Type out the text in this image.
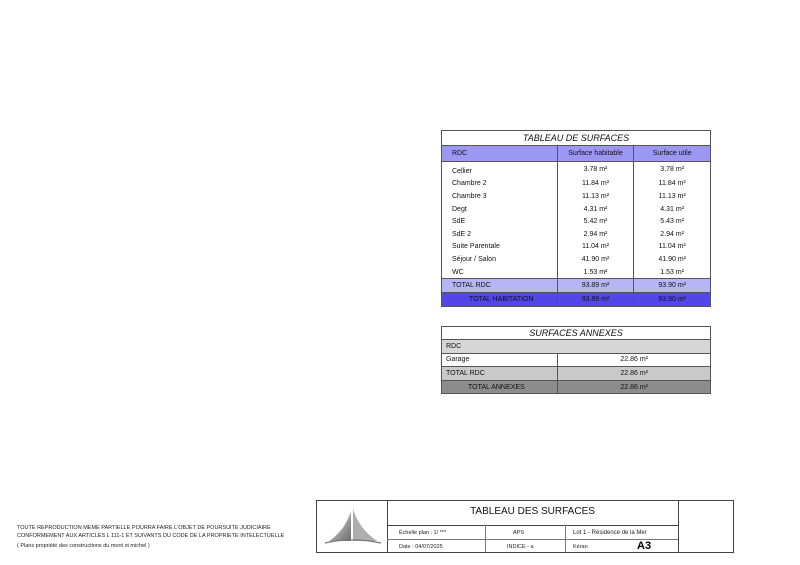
TABLEAU DE SURFACES		
RDC	Surface habitable	Surface utile
Cellier	3.78 m²	3.78 m²
Chambre 2	11.84 m²	11.84 m²
Chambre 3	11.13 m²	11.13 m²
Degt	4.31 m²	4.31 m²
SdE	5.42 m²	5.43 m²
SdE 2	2.94 m²	2.94 m²
Suite Parentale	11.04 m²	11.04 m²
Séjour / Salon	41.90 m²	41.90 m²
WC	1.53 m²	1.53 m²
TOTAL RDC	93.89 m²	93.90 m²
TOTAL HABITATION	93.89 m²	93.90 m²
SURFACES ANNEXES	
RDC	
Garage	22.86 m²
TOTAL RDC	22.86 m²
TOTAL ANNEXES	22.86 m²
TOUTE REPRODUCTION MEME PARTIELLE POURRA FAIRE L'OBJET DE POURSUITE JUDICIAIRE
CONFORMEMENT AUX ARTICLES L 111-1 ET SUIVANTS DU CODE DE LA PROPRIETE INTELECTUELLE
( Plans propriété des constructions du mont st michel )
TABLEAU DES SURFACES
Échelle plan : 1/ ***	APS	Lot 1 - Résidence de la Mer
Date : 04/07/2025	INDICE - a	Kéran	A3
